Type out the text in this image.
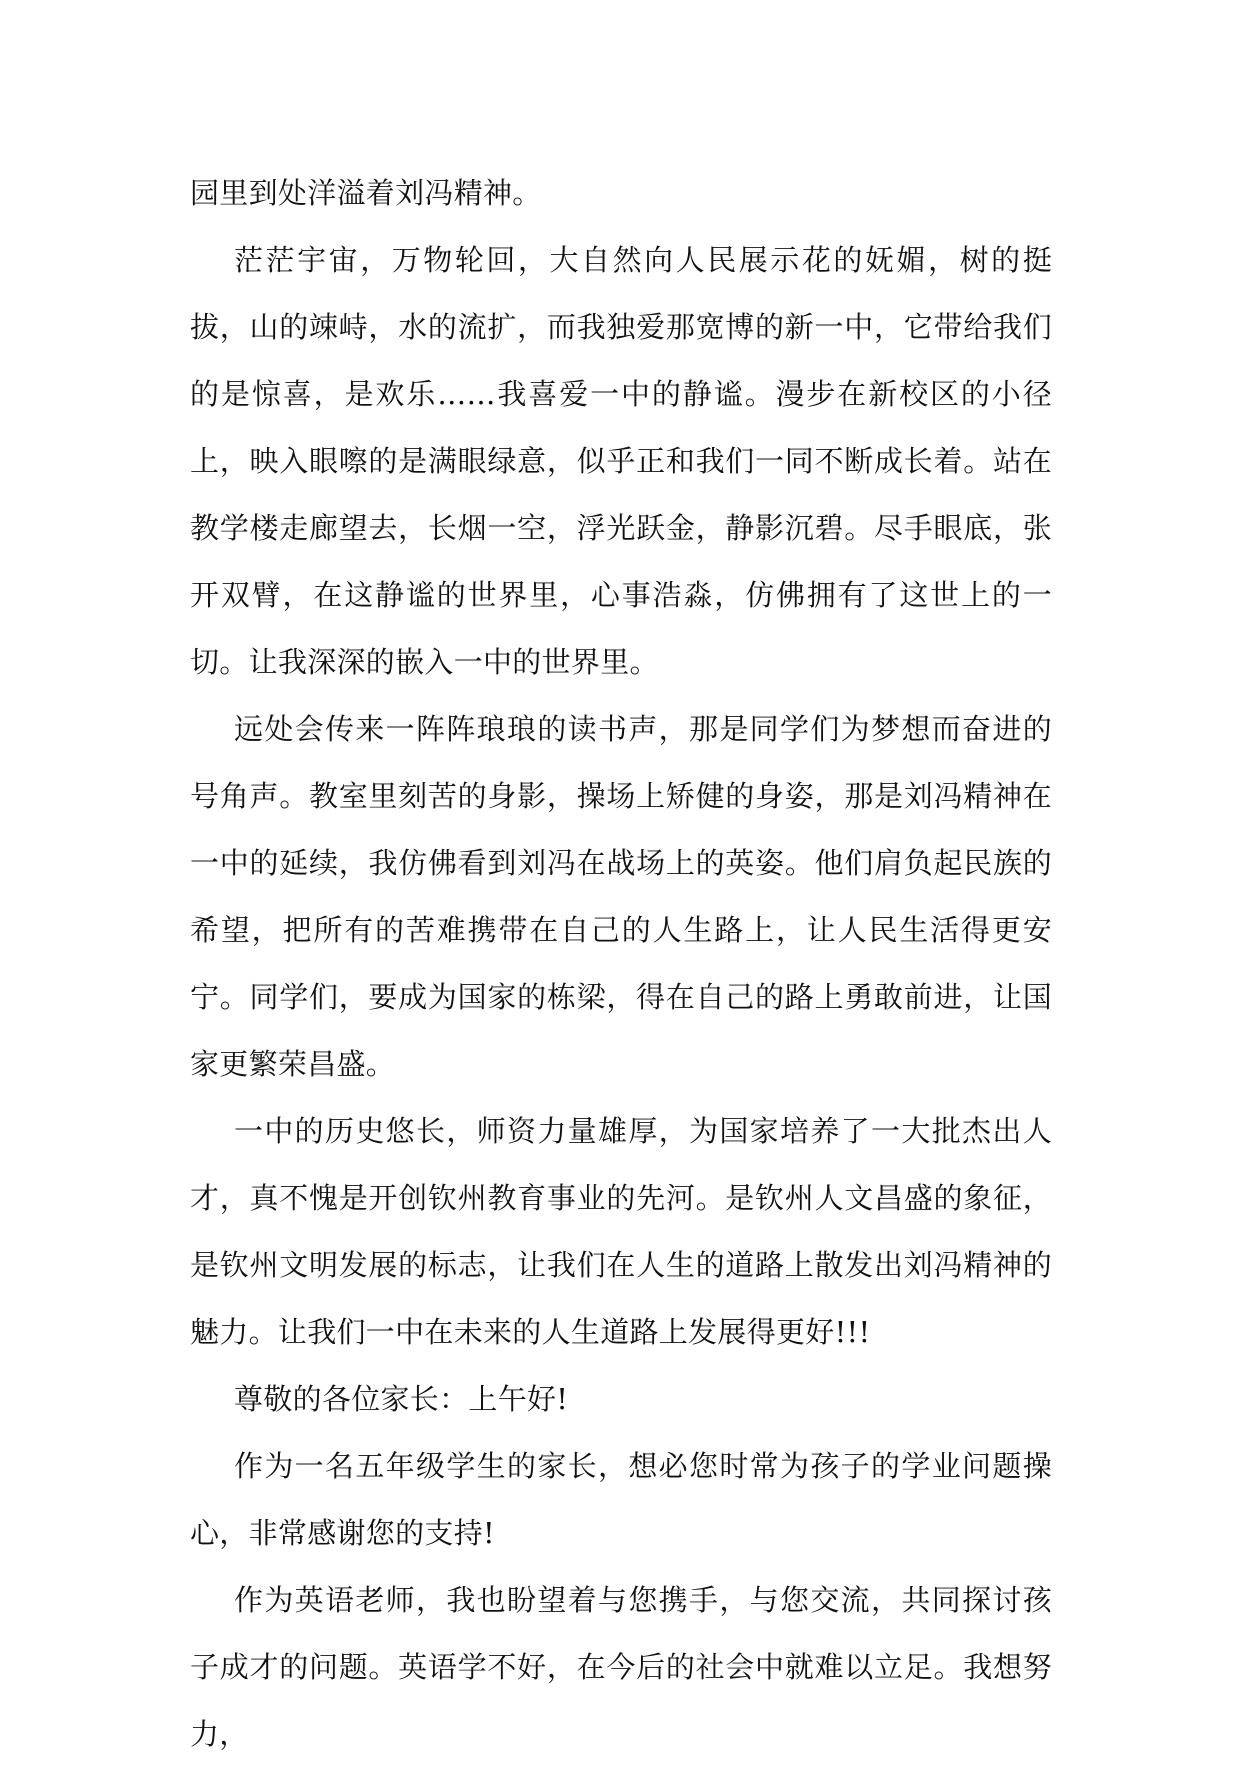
园里到处洋溢着刘冯精神。

茫茫宇宙，万物轮回，大自然向人民展示花的妩媚，树的挺拔，山的竦峙，水的流扩，而我独爱那宽博的新一中，它带给我们的是惊喜，是欢乐……我喜爱一中的静谧。漫步在新校区的小径上，映入眼嚓的是满眼绿意，似乎正和我们一同不断成长着。站在教学楼走廊望去，长烟一空，浮光跃金，静影沉碧。尽手眼底，张开双臂，在这静谧的世界里，心事浩淼，仿佛拥有了这世上的一切。让我深深的嵌入一中的世界里。

远处会传来一阵阵琅琅的读书声，那是同学们为梦想而奋进的号角声。教室里刻苦的身影，操场上矫健的身姿，那是刘冯精神在一中的延续，我仿佛看到刘冯在战场上的英姿。他们肩负起民族的希望，把所有的苦难携带在自己的人生路上，让人民生活得更安宁。同学们，要成为国家的栋梁，得在自己的路上勇敢前进，让国家更繁荣昌盛。

一中的历史悠长，师资力量雄厚，为国家培养了一大批杰出人才，真不愧是开创钦州教育事业的先河。是钦州人文昌盛的象征，是钦州文明发展的标志，让我们在人生的道路上散发出刘冯精神的魅力。让我们一中在未来的人生道路上发展得更好!!!

尊敬的各位家长：上午好!

作为一名五年级学生的家长，想必您时常为孩子的学业问题操心，非常感谢您的支持!

作为英语老师，我也盼望着与您携手，与您交流，共同探讨孩子成才的问题。英语学不好，在今后的社会中就难以立足。我想努力，
